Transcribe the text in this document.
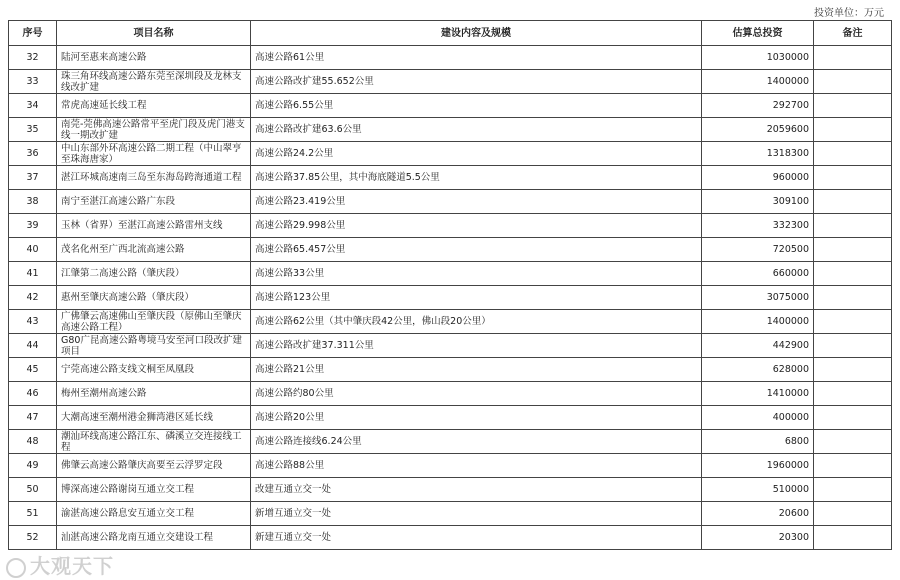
投资单位：万元
序号	项目名称	建设内容及规模	估算总投资	备注
32	陆河至惠来高速公路	高速公路61公里	1030000	
33	珠三角环线高速公路东莞至深圳段及龙林支线改扩建	高速公路改扩建55.652公里	1400000	
34	常虎高速延长线工程	高速公路6.55公里	292700	
35	南莞-莞佛高速公路常平至虎门段及虎门港支线一期改扩建	高速公路改扩建63.6公里	2059600	
36	中山东部外环高速公路二期工程（中山翠亨至珠海唐家）	高速公路24.2公里	1318300	
37	湛江环城高速南三岛至东海岛跨海通道工程	高速公路37.85公里，其中海底隧道5.5公里	960000	
38	南宁至湛江高速公路广东段	高速公路23.419公里	309100	
39	玉林（省界）至湛江高速公路雷州支线	高速公路29.998公里	332300	
40	茂名化州至广西北流高速公路	高速公路65.457公里	720500	
41	江肇第二高速公路（肇庆段）	高速公路33公里	660000	
42	惠州至肇庆高速公路（肇庆段）	高速公路123公里	3075000	
43	广佛肇云高速佛山至肇庆段（原佛山至肇庆高速公路工程）	高速公路62公里（其中肇庆段42公里，佛山段20公里）	1400000	
44	G80广昆高速公路粤境马安至河口段改扩建项目	高速公路改扩建37.311公里	442900	
45	宁莞高速公路支线文桐至凤凰段	高速公路21公里	628000	
46	梅州至潮州高速公路	高速公路约80公里	1410000	
47	大潮高速至潮州港金狮湾港区延长线	高速公路20公里	400000	
48	潮汕环线高速公路江东、磷溪立交连接线工程	高速公路连接线6.24公里	6800	
49	佛肇云高速公路肇庆高要至云浮罗定段	高速公路88公里	1960000	
50	博深高速公路谢岗互通立交工程	改建互通立交一处	510000	
51	渝湛高速公路息安互通立交工程	新增互通立交一处	20600	
52	汕湛高速公路龙南互通立交建设工程	新建互通立交一处	20300	
大观天下
